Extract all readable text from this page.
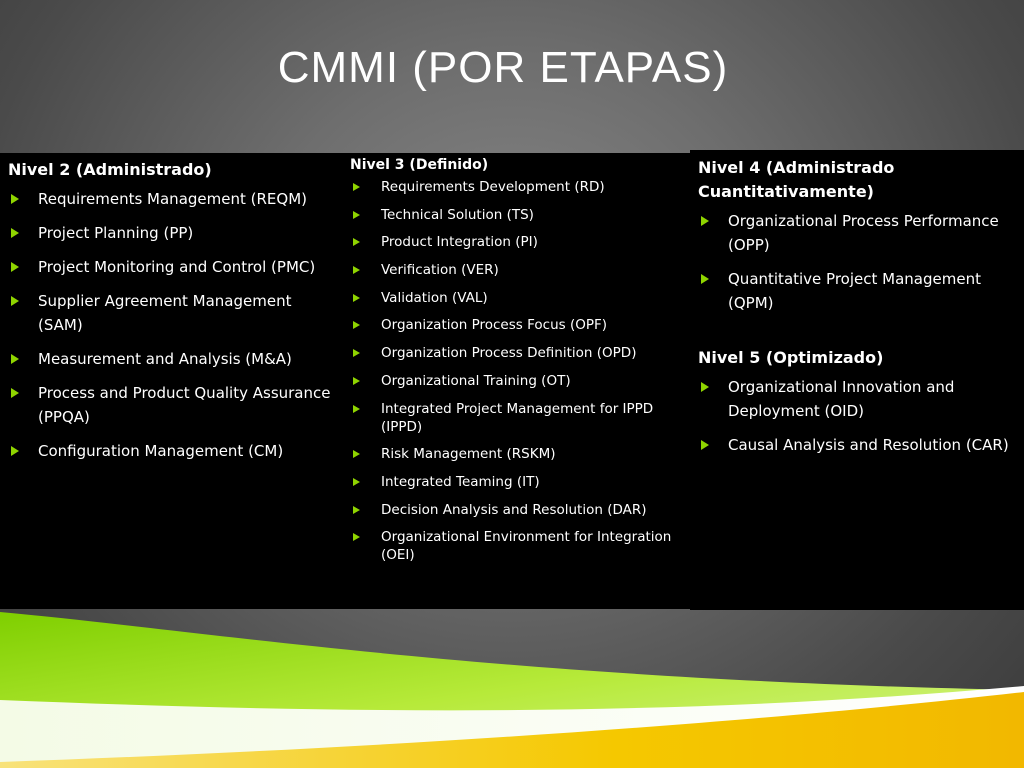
CMMI (POR ETAPAS)
Nivel 2 (Administrado)
Requirements Management (REQM)
Project Planning (PP)
Project Monitoring and Control (PMC)
Supplier Agreement Management (SAM)
Measurement and Analysis (M&A)
Process and Product Quality Assurance (PPQA)
Configuration Management (CM)
Nivel 3 (Definido)
Requirements Development (RD)
Technical Solution (TS)
Product Integration (PI)
Verification (VER)
Validation (VAL)
Organization Process Focus (OPF)
Organization Process Definition (OPD)
Organizational Training (OT)
Integrated Project Management for IPPD (IPPD)
Risk Management (RSKM)
Integrated Teaming (IT)
Decision Analysis and Resolution (DAR)
Organizational Environment for Integration (OEI)
Nivel 4 (Administrado Cuantitativamente)
Organizational Process Performance (OPP)
Quantitative Project Management (QPM)
Nivel 5 (Optimizado)
Organizational Innovation and Deployment (OID)
Causal Analysis and Resolution (CAR)
